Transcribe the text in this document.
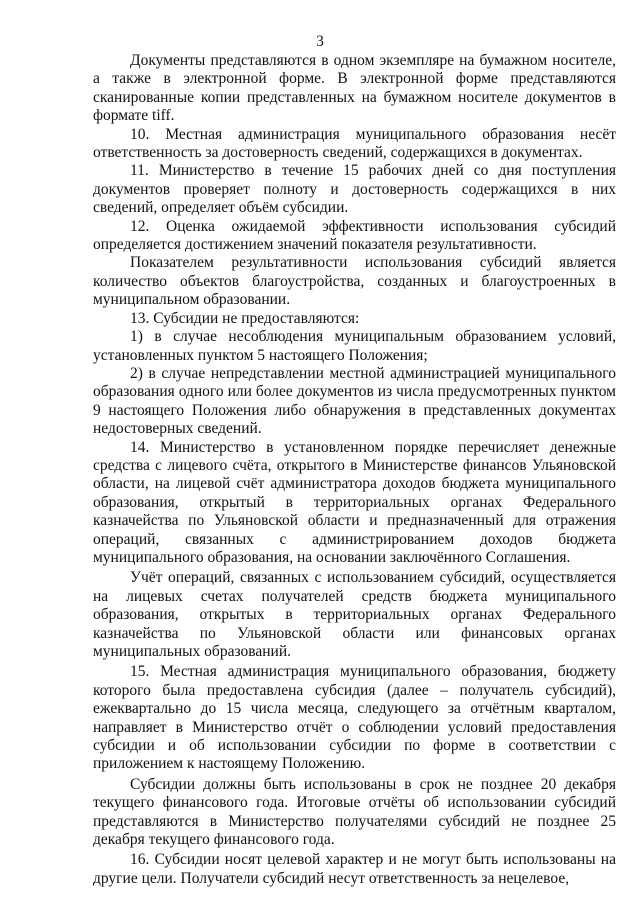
3

Документы представляются в одном экземпляре на бумажном носителе, а также в электронной форме. В электронной форме представляются сканированные копии представленных на бумажном носителе документов в формате tiff.

10. Местная администрация муниципального образования несёт ответственность за достоверность сведений, содержащихся в документах.

11. Министерство в течение 15 рабочих дней со дня поступления документов проверяет полноту и достоверность содержащихся в них сведений, определяет объём субсидии.

12. Оценка ожидаемой эффективности использования субсидий определяется достижением значений показателя результативности.

Показателем результативности использования субсидий является количество объектов благоустройства, созданных и благоустроенных в муниципальном образовании.

13. Субсидии не предоставляются:

1) в случае несоблюдения муниципальным образованием условий, установленных пунктом 5 настоящего Положения;

2) в случае непредставлении местной администрацией муниципального образования одного или более документов из числа предусмотренных пунктом 9 настоящего Положения либо обнаружения в представленных документах недостоверных сведений.

14. Министерство в установленном порядке перечисляет денежные средства с лицевого счёта, открытого в Министерстве финансов Ульяновской области, на лицевой счёт администратора доходов бюджета муниципального образования, открытый в территориальных органах Федерального казначейства по Ульяновской области и предназначенный для отражения операций, связанных с администрированием доходов бюджета муниципального образования, на основании заключённого Соглашения.

Учёт операций, связанных с использованием субсидий, осуществляется на лицевых счетах получателей средств бюджета муниципального образования, открытых в территориальных органах Федерального казначейства по Ульяновской области или финансовых органах муниципальных образований.

15. Местная администрация муниципального образования, бюджету которого была предоставлена субсидия (далее – получатель субсидий), ежеквартально до 15 числа месяца, следующего за отчётным кварталом, направляет в Министерство отчёт о соблюдении условий предоставления субсидии и об использовании субсидии по форме в соответствии с приложением к настоящему Положению.

Субсидии должны быть использованы в срок не позднее 20 декабря текущего финансового года. Итоговые отчёты об использовании субсидий представляются в Министерство получателями субсидий не позднее 25 декабря текущего финансового года.

16. Субсидии носят целевой характер и не могут быть использованы на другие цели. Получатели субсидий несут ответственность за нецелевое,
